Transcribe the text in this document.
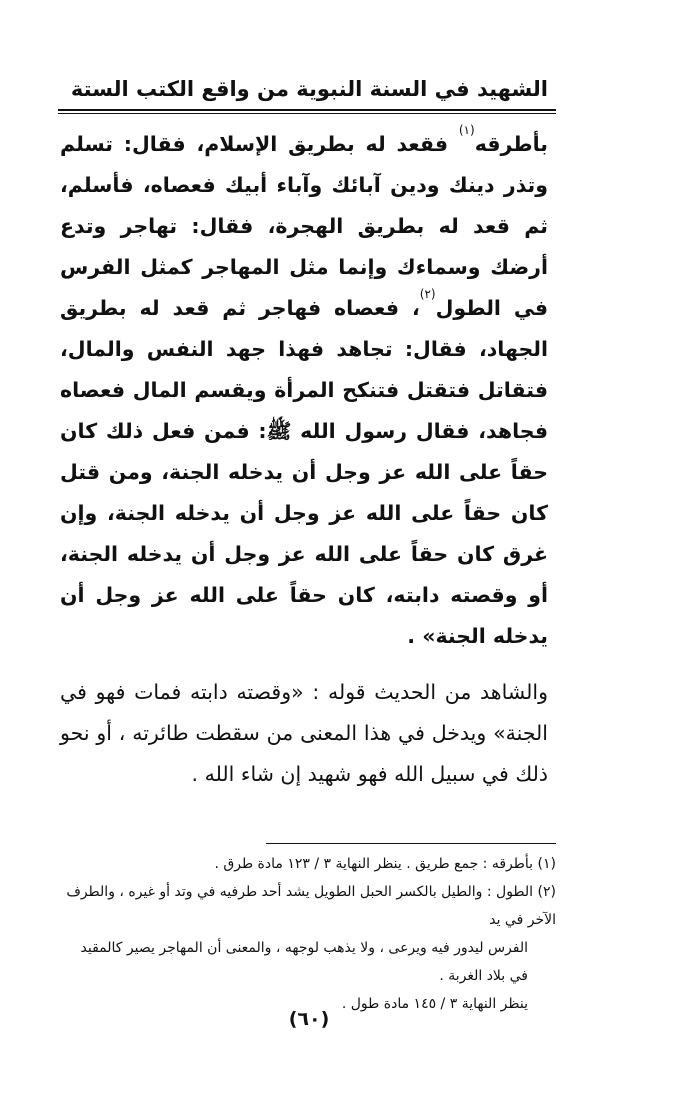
الشهيد في السنة النبوية من واقع الكتب الستة

بأطرقه$^{(١)}$ فقعد له بطريق الإسلام، فقال: تسلم وتذر دينك ودين آبائك وآباء أبيك فعصاه، فأسلم، ثم قعد له بطريق الهجرة، فقال: تهاجر وتدع أرضك وسماءك وإنما مثل المهاجر كمثل الفرس في الطول$^{(٢)}$، فعصاه فهاجر ثم قعد له بطريق الجهاد، فقال: تجاهد فهذا جهد النفس والمال، فتقاتل فتقتل فتنكح المرأة ويقسم المال فعصاه فجاهد، فقال رسول الله ﷺ: فمن فعل ذلك كان حقاً على الله عز وجل أن يدخله الجنة، ومن قتل كان حقاً على الله عز وجل أن يدخله الجنة، وإن غرق كان حقاً على الله عز وجل أن يدخله الجنة، أو وقصته دابته، كان حقاً على الله عز وجل أن يدخله الجنة» .

والشاهد من الحديث قوله : «وقصته دابته فمات فهو في الجنة» ويدخل في هذا المعنى من سقطت طائرته ، أو نحو ذلك في سبيل الله فهو شهيد إن شاء الله .

(١) بأطرقه : جمع طريق . ينظر النهاية ٣ / ١٢٣ مادة طرق .

(٢) الطول : والطيل بالكسر الحبل الطويل يشد أحد طرفيه في وتد أو غيره ، والطرف الآخر في يد

الفرس ليدور فيه ويرعى ، ولا يذهب لوجهه ، والمعنى أن المهاجر يصير كالمقيد في بلاد الغربة .

ينظر النهاية ٣ / ١٤٥ مادة طول .

(٦٠)
